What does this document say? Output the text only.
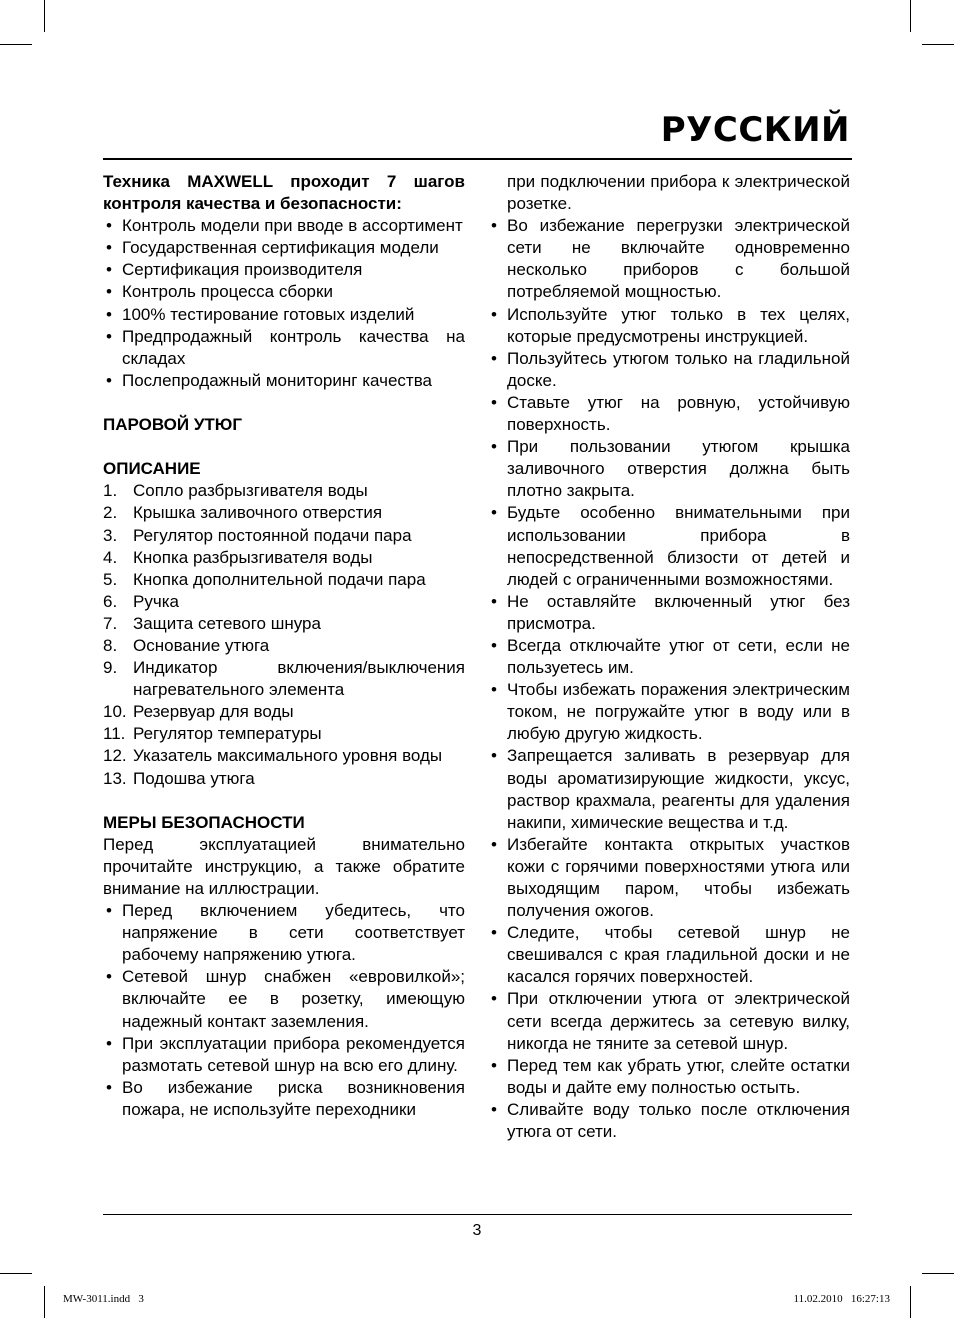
РУССКИЙ

Техника MAXWELL проходит 7 шагов контроля качества и безопасности:

• Контроль модели при вводе в ассортимент
• Государственная сертификация модели
• Сертификация производителя
• Контроль процесса сборки
• 100% тестирование готовых изделий
• Предпродажный контроль качества на складах
• Послепродажный мониторинг качества
ПАРОВОЙ УТЮГ
ОПИСАНИЕ
1. Сопло разбрызгивателя воды
2. Крышка заливочного отверстия
3. Регулятор постоянной подачи пара
4. Кнопка разбрызгивателя воды
5. Кнопка дополнительной подачи пара
6. Ручка
7. Защита сетевого шнура
8. Основание утюга
9. Индикатор включения/выключения нагревательного элемента
10. Резервуар для воды
11. Регулятор температуры
12. Указатель максимального уровня воды
13. Подошва утюга
МЕРЫ БЕЗОПАСНОСТИ

Перед эксплуатацией внимательно прочитайте инструкцию, а также обратите внимание на иллюстрации.

• Перед включением убедитесь, что напряжение в сети соответствует рабочему напряжению утюга.
• Сетевой шнур снабжен «евровилкой»; включайте ее в розетку, имеющую надежный контакт заземления.
• При эксплуатации прибора рекомендуется размотать сетевой шнур на всю его длину.
• Во избежание риска возникновения пожара, не используйте переходники

при подключении прибора к электрической розетке.

• Во избежание перегрузки электрической сети не включайте одновременно несколько приборов с большой потребляемой мощностью.
• Используйте утюг только в тех целях, которые предусмотрены инструкцией.
• Пользуйтесь утюгом только на гладильной доске.
• Ставьте утюг на ровную, устойчивую поверхность.
• При пользовании утюгом крышка заливочного отверстия должна быть плотно закрыта.
• Будьте особенно внимательными при использовании прибора в непосредственной близости от детей и людей с ограниченными возможностями.
• Не оставляйте включенный утюг без присмотра.
• Всегда отключайте утюг от сети, если не пользуетесь им.
• Чтобы избежать поражения электрическим током, не погружайте утюг в воду или в любую другую жидкость.
• Запрещается заливать в резервуар для воды ароматизирующие жидкости, уксус, раствор крахмала, реагенты для удаления накипи, химические вещества и т.д.
• Избегайте контакта открытых участков кожи с горячими поверхностями утюга или выходящим паром, чтобы избежать получения ожогов.
• Следите, чтобы сетевой шнур не свешивался с края гладильной доски и не касался горячих поверхностей.
• При отключении утюга от электрической сети всегда держитесь за сетевую вилку, никогда не тяните за сетевой шнур.
• Перед тем как убрать утюг, слейте остатки воды и дайте ему полностью остыть.
• Сливайте воду только после отключения утюга от сети.
3
MW-3011.indd   3	11.02.2010   16:27:13
